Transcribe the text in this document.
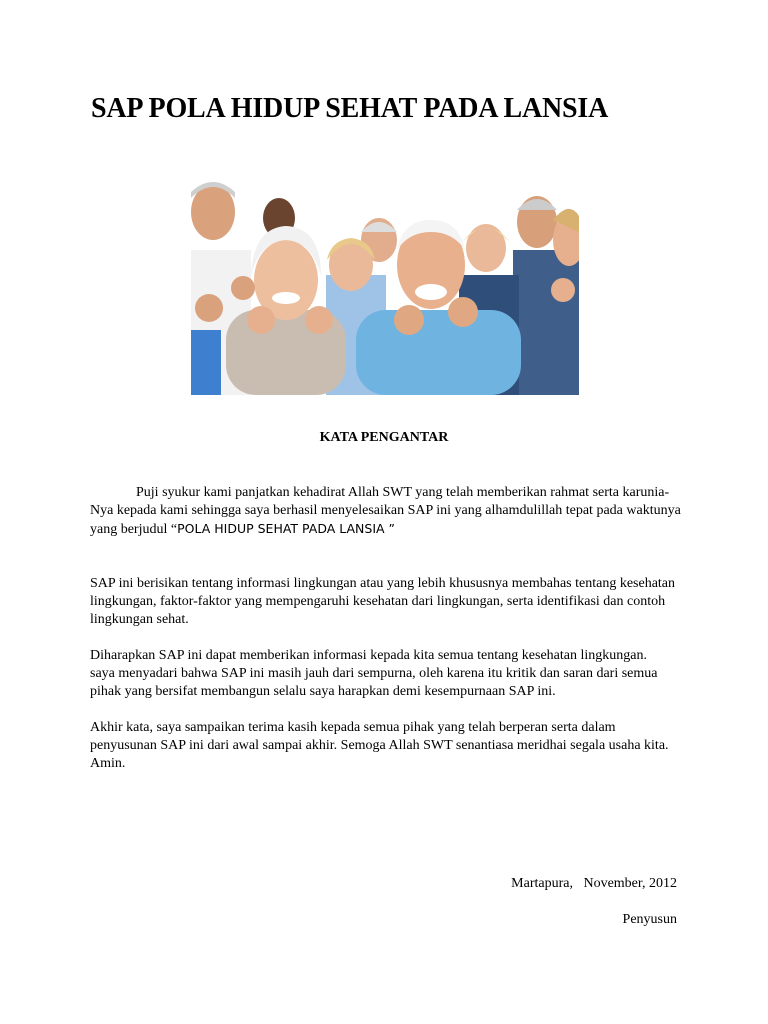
SAP POLA HIDUP SEHAT PADA LANSIA
KATA PENGANTAR

Puji syukur kami panjatkan kehadirat Allah SWT yang telah memberikan rahmat serta karunia-Nya kepada kami sehingga saya berhasil menyelesaikan SAP ini yang alhamdulillah tepat pada waktunya yang berjudul “POLA HIDUP SEHAT PADA LANSIA ”

SAP ini berisikan tentang informasi lingkungan atau yang lebih khususnya membahas tentang kesehatan lingkungan, faktor-faktor yang mempengaruhi kesehatan dari lingkungan, serta identifikasi dan contoh lingkungan sehat.

Diharapkan SAP ini dapat memberikan informasi kepada kita semua tentang kesehatan lingkungan.
saya menyadari bahwa SAP ini masih jauh dari sempurna, oleh karena itu kritik dan saran dari semua pihak yang bersifat membangun selalu saya harapkan demi kesempurnaan SAP ini.

Akhir kata, saya sampaikan terima kasih kepada semua pihak yang telah berperan serta dalam penyusunan SAP ini dari awal sampai akhir. Semoga Allah SWT senantiasa meridhai segala usaha kita. Amin.

Martapura,   November, 2012
Penyusun
